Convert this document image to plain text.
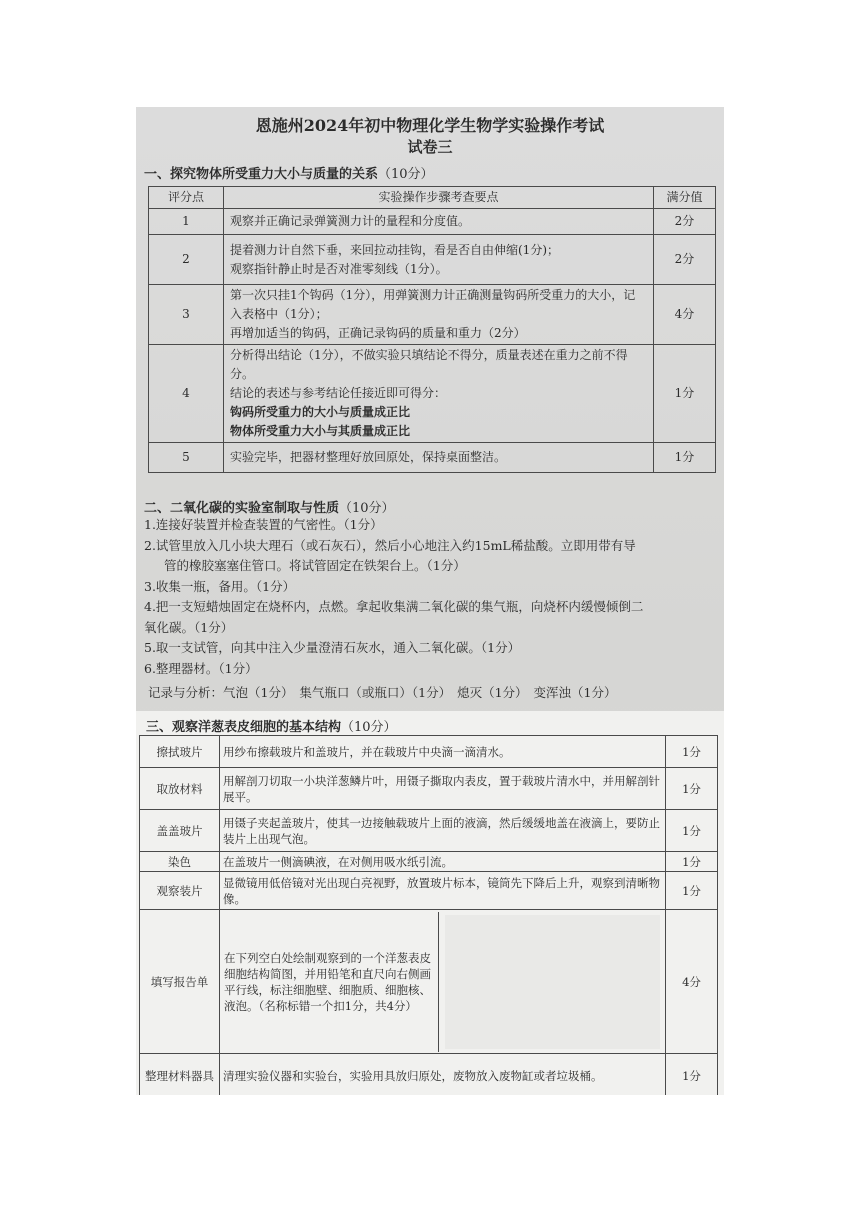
恩施州2024年初中物理化学生物学实验操作考试
试卷三
一、探究物体所受重力大小与质量的关系（10分）
评分点	实验操作步骤考查要点	满分值
1	观察并正确记录弹簧测力计的量程和分度值。	2分
2	提着测力计自然下垂，来回拉动挂钩，看是否自由伸缩(1分)；
观察指针静止时是否对准零刻线（1分）。	2分
3	第一次只挂1个钩码（1分），用弹簧测力计正确测量钩码所受重力的大小，记入表格中（1分）；
再增加适当的钩码，正确记录钩码的质量和重力（2分）	4分
4	分析得出结论（1分），不做实验只填结论不得分，质量表述在重力之前不得分。
结论的表述与参考结论任接近即可得分：
钩码所受重力的大小与质量成正比
物体所受重力大小与其质量成正比	1分
5	实验完毕，把器材整理好放回原处，保持桌面整洁。	1分
二、二氧化碳的实验室制取与性质（10分）

1.连接好装置并检查装置的气密性。（1分）

2.试管里放入几小块大理石（或石灰石），然后小心地注入约15mL稀盐酸。立即用带有导

管的橡胶塞塞住管口。将试管固定在铁架台上。（1分）

3.收集一瓶，备用。（1分）

4.把一支短蜡烛固定在烧杯内，点燃。拿起收集满二氧化碳的集气瓶，向烧杯内缓慢倾倒二

氧化碳。（1分）

5.取一支试管，向其中注入少量澄清石灰水，通入二氧化碳。（1分）

6.整理器材。（1分）

记录与分析：气泡（1分） 集气瓶口（或瓶口）（1分） 熄灭（1分） 变浑浊（1分）

三、观察洋葱表皮细胞的基本结构（10分）
擦拭玻片	用纱布擦载玻片和盖玻片，并在载玻片中央滴一滴清水。	1分
取放材料	用解剖刀切取一小块洋葱鳞片叶，用镊子撕取内表皮，置于载玻片清水中，并用解剖针展平。	1分
盖盖玻片	用镊子夹起盖玻片，使其一边接触载玻片上面的液滴，然后缓缓地盖在液滴上，要防止装片上出现气泡。	1分
染色	在盖玻片一侧滴碘液，在对侧用吸水纸引流。	1分
观察装片	显微镜用低倍镜对光出现白亮视野，放置玻片标本，镜筒先下降后上升，观察到清晰物像。	1分
填写报告单	在下列空白处绘制观察到的一个洋葱表皮细胞结构简图，并用铅笔和直尺向右侧画平行线，标注细胞壁、细胞质、细胞核、液泡。（名称标错一个扣1分，共4分）	4分
整理材料器具	清理实验仪器和实验台，实验用具放归原处，废物放入废物缸或者垃圾桶。	1分
